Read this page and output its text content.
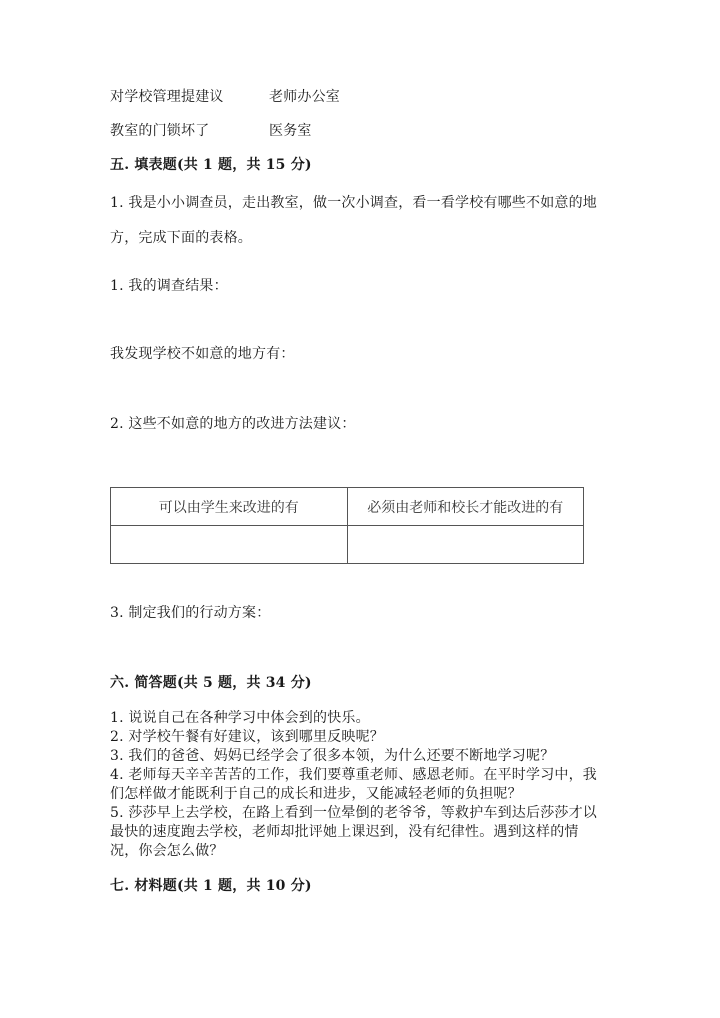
对学校管理提建议	老师办公室
教室的门锁坏了	医务室
五. 填表题(共 1 题，共 15 分)
1. 我是小小调查员，走出教室，做一次小调查，看一看学校有哪些不如意的地
方，完成下面的表格。
1. 我的调查结果：
我发现学校不如意的地方有：
2. 这些不如意的地方的改进方法建议：
可以由学生来改进的有	必须由老师和校长才能改进的有

3. 制定我们的行动方案：
六. 简答题(共 5 题，共 34 分)
1. 说说自己在各种学习中体会到的快乐。
2. 对学校午餐有好建议，该到哪里反映呢？
3. 我们的爸爸、妈妈已经学会了很多本领，为什么还要不断地学习呢？
4. 老师每天辛辛苦苦的工作，我们要尊重老师、感恩老师。在平时学习中，我
们怎样做才能既利于自己的成长和进步，又能减轻老师的负担呢？
5. 莎莎早上去学校，在路上看到一位晕倒的老爷爷，等救护车到达后莎莎才以
最快的速度跑去学校，老师却批评她上课迟到，没有纪律性。遇到这样的情
况，你会怎么做？
七. 材料题(共 1 题，共 10 分)
